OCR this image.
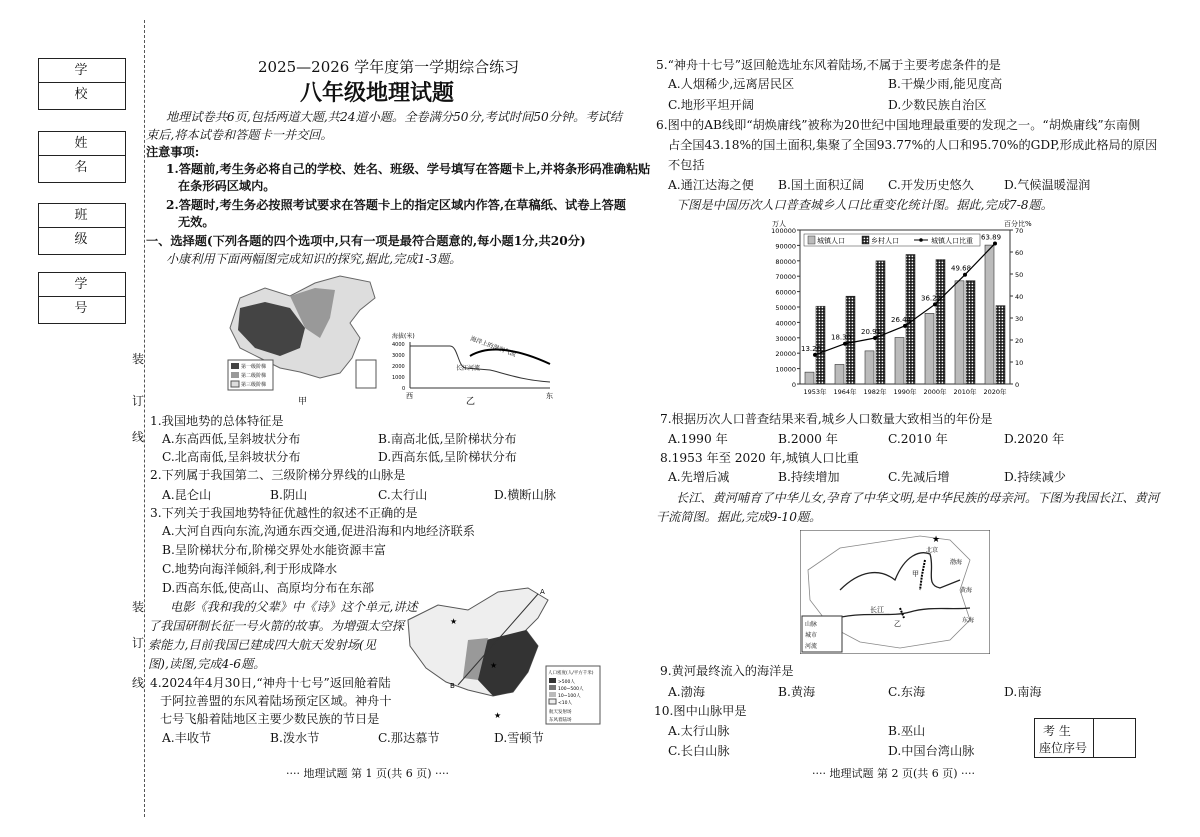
学 校
姓 名
班 级
学 号
装
订
线
装
订
线
2025—2026 学年度第一学期综合练习
八年级地理试题
地理试卷共6页,包括两道大题,共24道小题。全卷满分50分,考试时间50分钟。考试结
束后,将本试卷和答题卡一并交回。
注意事项:
1.答题前,考生务必将自己的学校、姓名、班级、学号填写在答题卡上,并将条形码准确粘贴
在条形码区域内。
2.答题时,考生务必按照考试要求在答题卡上的指定区域内作答,在草稿纸、试卷上答题
无效。
一、选择题(下列各题的四个选项中,只有一项是最符合题意的,每小题1分,共20分)
小康利用下面两幅图完成知识的探究,据此,完成1-3题。
第一级阶梯
第二级阶梯
第三级阶梯
甲
海拔(米)
4000
3000
2000
1000
0
海洋上的湿润气流
长江河流
西	东
乙
1.我国地势的总体特征是
A.东高西低,呈斜坡状分布	B.南高北低,呈阶梯状分布
C.北高南低,呈斜坡状分布	D.西高东低,呈阶梯状分布
2.下列属于我国第二、三级阶梯分界线的山脉是
A.昆仑山	B.阴山	C.太行山	D.横断山脉
3.下列关于我国地势特征优越性的叙述不正确的是
A.大河自西向东流,沟通东西交通,促进沿海和内地经济联系
B.呈阶梯状分布,阶梯交界处水能资源丰富
C.地势向海洋倾斜,利于形成降水
D.西高东低,使高山、高原均分布在东部
电影《我和我的父辈》中《诗》这个单元,讲述
了我国研制长征一号火箭的故事。为增强太空探
索能力,目前我国已建成四大航天发射场(见
图),读图,完成4-6题。
4.2024年4月30日,“神舟十七号”返回舱着陆
于阿拉善盟的东风着陆场预定区域。神舟十
七号飞船着陆地区主要少数民族的节日是
A.丰收节	B.泼水节	C.那达慕节	D.雪顿节
A
B
★
★
★
人口密度(人/平方千米)
>500人
100~500人
10~100人
<10人
航天发射场
东风着陆场
5.“神舟十七号”返回舱选址东风着陆场,不属于主要考虑条件的是
A.人烟稀少,远离居民区	B.干燥少雨,能见度高
C.地形平坦开阔	D.少数民族自治区
6.图中的AB线即“胡焕庸线”被称为20世纪中国地理最重要的发现之一。“胡焕庸线”东南侧
占全国43.18%的国土面积,集聚了全国93.77%的人口和95.70%的GDP,形成此格局的原因
不包括
A.通江达海之便 B.国土面积辽阔 C.开发历史悠久 D.气候温暖湿润
下图是中国历次人口普查城乡人口比重变化统计图。据此,完成7-8题。
0
10000
20000
30000
40000
50000
60000
70000
80000
90000
100000
0
10
20
30
40
50
60
70
万人	百分比%
1953年 1964年 1982年 1990年 2000年 2010年 2020年
13.26
18.30
20.91
26.44
36.22
49.68
63.89
城镇人口	乡村人口	城镇人口比重
7.根据历次人口普查结果来看,城乡人口数量大致相当的年份是
A.1990 年	B.2000 年	C.2010 年	D.2020 年
8.1953 年至 2020 年,城镇人口比重
A.先增后减	B.持续增加	C.先减后增	D.持续减少
长江、黄河哺育了中华儿女,孕育了中华文明,是中华民族的母亲河。下图为我国长江、黄河
干流简图。据此,完成9-10题。
★
北京
渤海
黄海
东海
长江
甲
乙
山脉
城市
河流
9.黄河最终流入的海洋是
A.渤海	B.黄海	C.东海	D.南海
10.图中山脉甲是
A.太行山脉	B.巫山
C.长白山脉	D.中国台湾山脉
考 生
座位序号
···· 地理试题 第 1 页(共 6 页) ····	···· 地理试题 第 2 页(共 6 页) ····
